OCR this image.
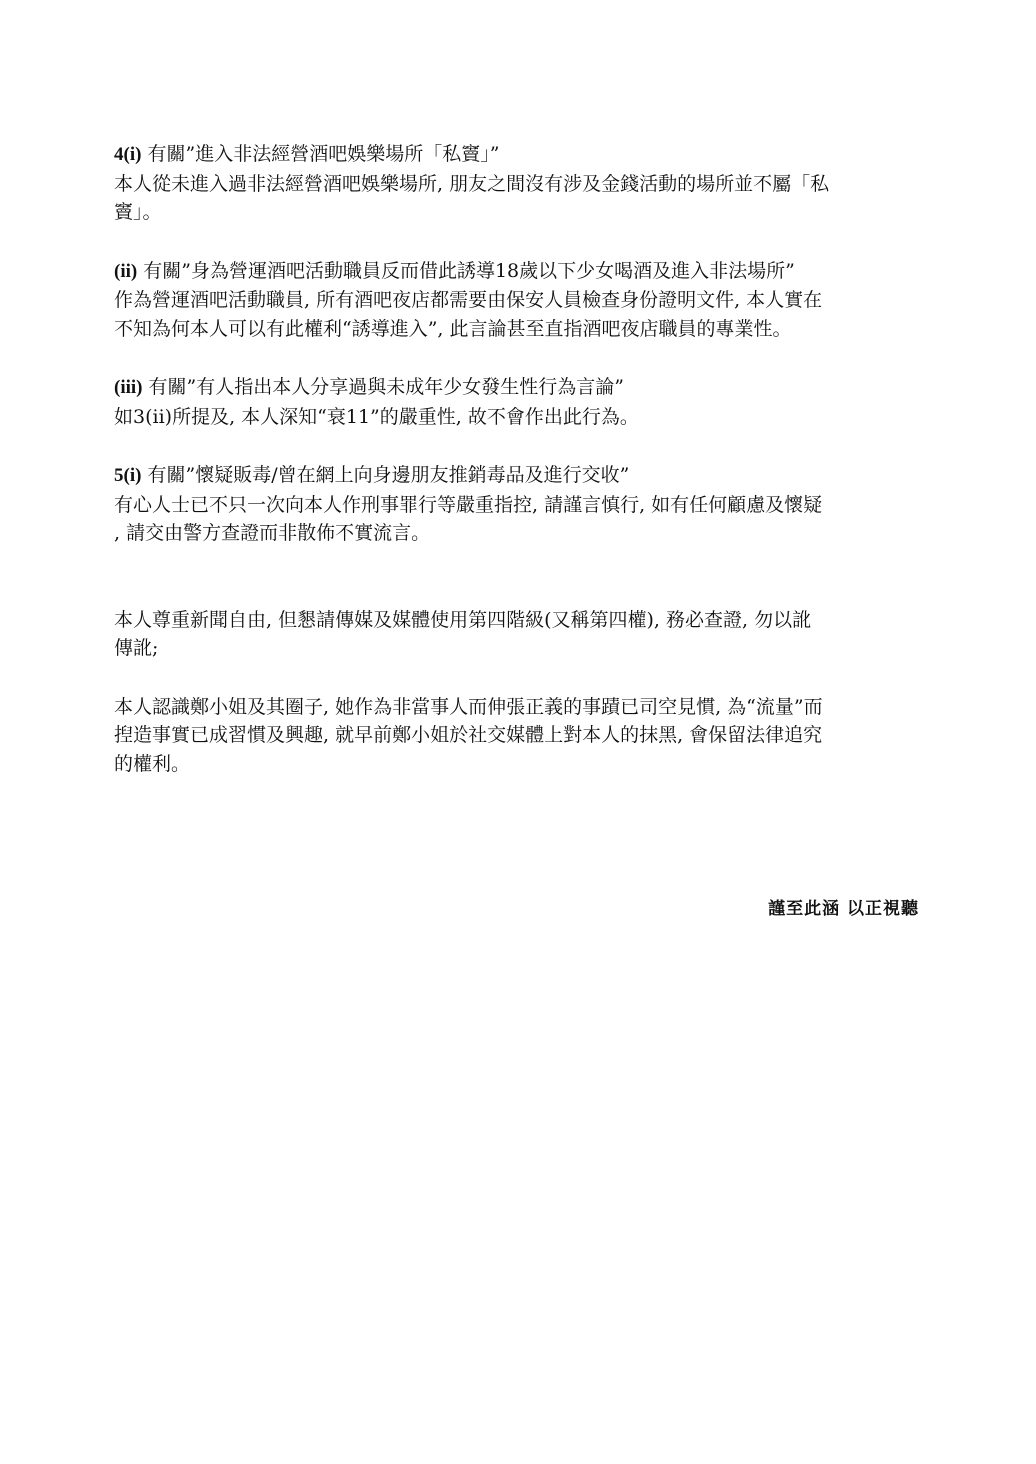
4(i) 有關”進入非法經營酒吧娛樂場所「私竇」”
本人從未進入過非法經營酒吧娛樂場所, 朋友之間沒有涉及金錢活動的場所並不屬「私
竇」。
(ii) 有關”身為營運酒吧活動職員反而借此誘導18歲以下少女喝酒及進入非法場所”
作為營運酒吧活動職員, 所有酒吧夜店都需要由保安人員檢查身份證明文件, 本人實在
不知為何本人可以有此權利“誘導進入”, 此言論甚至直指酒吧夜店職員的專業性。
(iii) 有關”有人指出本人分享過與未成年少女發生性行為言論”
如3(ii)所提及, 本人深知“衰11”的嚴重性, 故不會作出此行為。
5(i) 有關”懷疑販毒/曾在網上向身邊朋友推銷毒品及進行交收”
有心人士已不只一次向本人作刑事罪行等嚴重指控, 請謹言慎行, 如有任何顧慮及懷疑
, 請交由警方查證而非散佈不實流言。
本人尊重新聞自由, 但懇請傳媒及媒體使用第四階級(又稱第四權), 務必查證, 勿以訛
傳訛;
本人認識鄭小姐及其圈子, 她作為非當事人而伸張正義的事蹟已司空見慣, 為“流量”而
揑造事實已成習慣及興趣, 就早前鄭小姐於社交媒體上對本人的抹黑, 會保留法律追究
的權利。
謹至此涵 以正視聽
